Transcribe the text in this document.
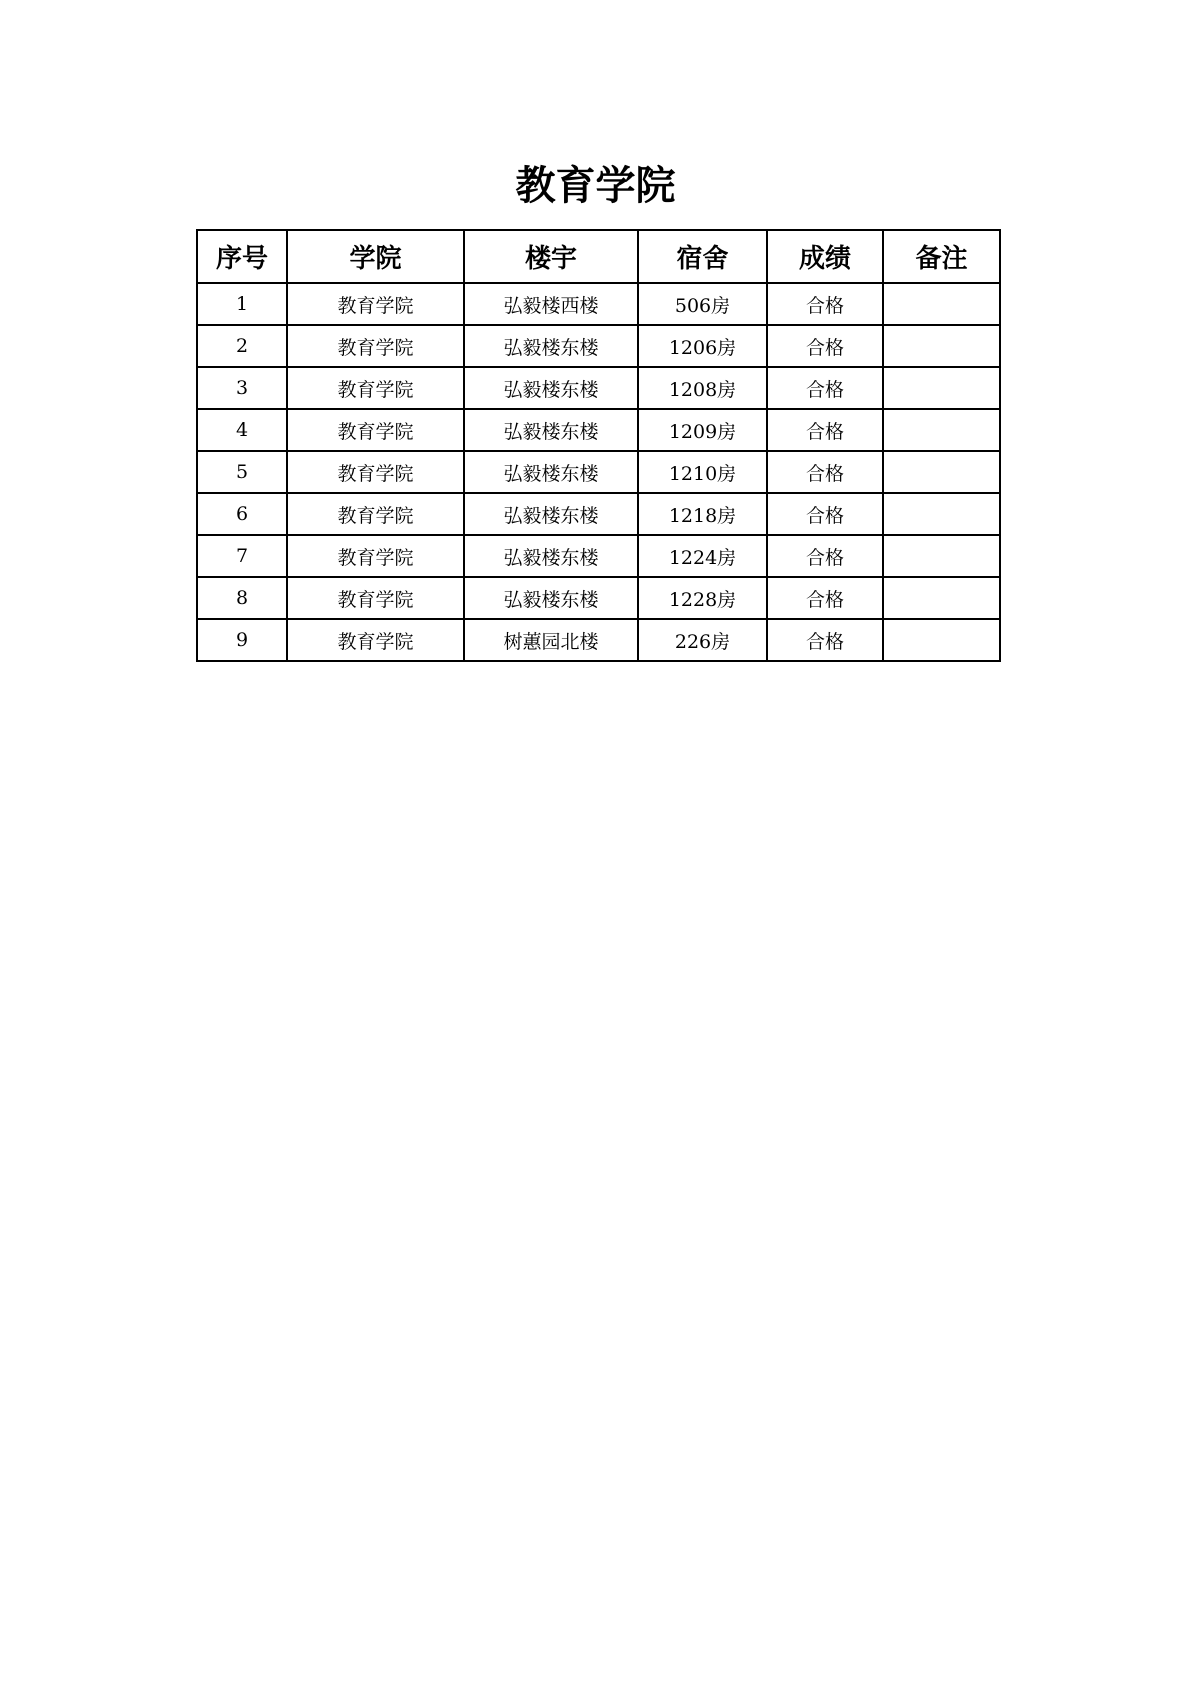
教育学院
序号	学院	楼宇	宿舍	成绩	备注
1	教育学院	弘毅楼西楼	506房	合格	
2	教育学院	弘毅楼东楼	1206房	合格	
3	教育学院	弘毅楼东楼	1208房	合格	
4	教育学院	弘毅楼东楼	1209房	合格	
5	教育学院	弘毅楼东楼	1210房	合格	
6	教育学院	弘毅楼东楼	1218房	合格	
7	教育学院	弘毅楼东楼	1224房	合格	
8	教育学院	弘毅楼东楼	1228房	合格	
9	教育学院	树蕙园北楼	226房	合格	
